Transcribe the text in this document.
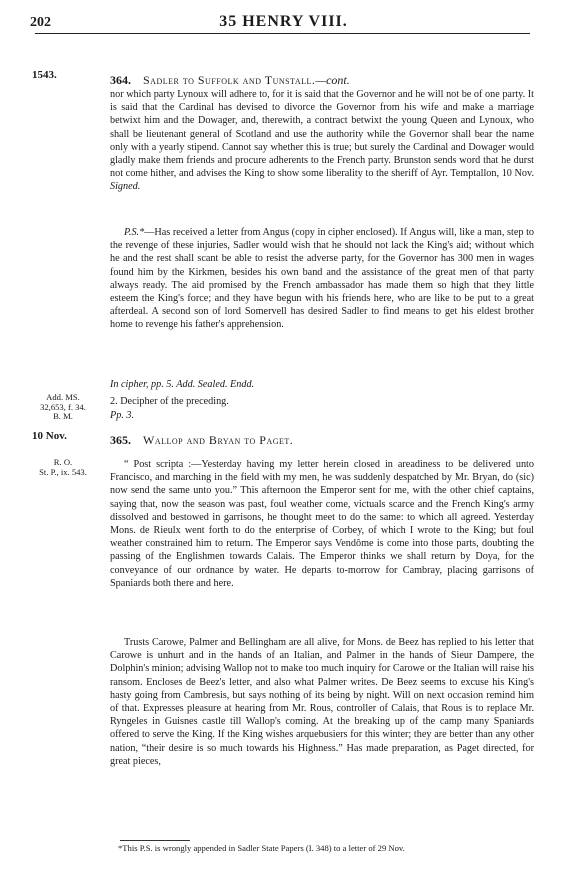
202	35 HENRY VIII.
1543.	364. Sadler to Suffolk and Tunstall.—cont.

nor which party Lynoux will adhere to, for it is said that the Governor and he will not be of one party. It is said that the Cardinal has devised to divorce the Governor from his wife and make a marriage betwixt him and the Dowager, and, therewith, a contract betwixt the young Queen and Lynoux, who shall be lieutenant general of Scotland and use the authority while the Governor shall bear the name only with a yearly stipend. Cannot say whether this is true; but surely the Cardinal and Dowager would gladly make them friends and procure adherents to the French party. Brunston sends word that he durst not come hither, and advises the King to show some liberality to the sheriff of Ayr. Temptallon, 10 Nov. Signed.

P.S.*—Has received a letter from Angus (copy in cipher enclosed). If Angus will, like a man, step to the revenge of these injuries, Sadler would wish that he should not lack the King's aid; without which he and the rest shall scant be able to resist the adverse party, for the Governor has 300 men in wages found him by the Kirkmen, besides his own band and the assistance of the great men of that party always ready. The aid promised by the French ambassador has made them so high that they little esteem the King's force; and they have begun with his friends here, who are like to be put to a great afterdeal. A second son of lord Somervell has desired Sadler to find means to get his eldest brother home to revenge his father's apprehension.

In cipher, pp. 5. Add. Sealed. Endd.

Add. MS.
32,653, f. 34.
B. M.

2. Decipher of the preceding.

Pp. 3.

10 Nov.	365. Wallop and Bryan to Paget.
R. O.
St. P., ix. 543.

“ Post scripta :—Yesterday having my letter herein closed in areadiness to be delivered unto Francisco, and marching in the field with my men, he was suddenly despatched by Mr. Bryan, do (sic) now send the same unto you.” This afternoon the Emperor sent for me, with the other chief captains, saying that, now the season was past, foul weather come, victuals scarce and the French King's army dissolved and bestowed in garrisons, he thought meet to do the same: to which all agreed. Yesterday Mons. de Rieulx went forth to do the enterprise of Corbey, of which I wrote to the King; but foul weather constrained him to return. The Emperor says Vendôme is come into those parts, doubting the passing of the Englishmen towards Calais. The Emperor thinks we shall return by Doya, for the conveyance of our ordnance by water. He departs to-morrow for Cambray, placing garrisons of Spaniards both there and here.

Trusts Carowe, Palmer and Bellingham are all alive, for Mons. de Beez has replied to his letter that Carowe is unhurt and in the hands of an Italian, and Palmer in the hands of Sieur Dampere, the Dolphin's minion; advising Wallop not to make too much inquiry for Carowe or the Italian will raise his ransom. Encloses de Beez's letter, and also what Palmer writes. De Beez seems to excuse his King's hasty going from Cambresis, but says nothing of its being by night. Will on next occasion remind him of that. Expresses pleasure at hearing from Mr. Rous, controller of Calais, that Rous is to replace Mr. Ryngeles in Guisnes castle till Wallop's coming. At the breaking up of the camp many Spaniards offered to serve the King. If the King wishes arquebusiers for this winter; they are better than any other nation, “their desire is so much towards his Highness.” Has made preparation, as Paget directed, for great pieces,

*This P.S. is wrongly appended in Sadler State Papers (I. 348) to a letter of 29 Nov.
